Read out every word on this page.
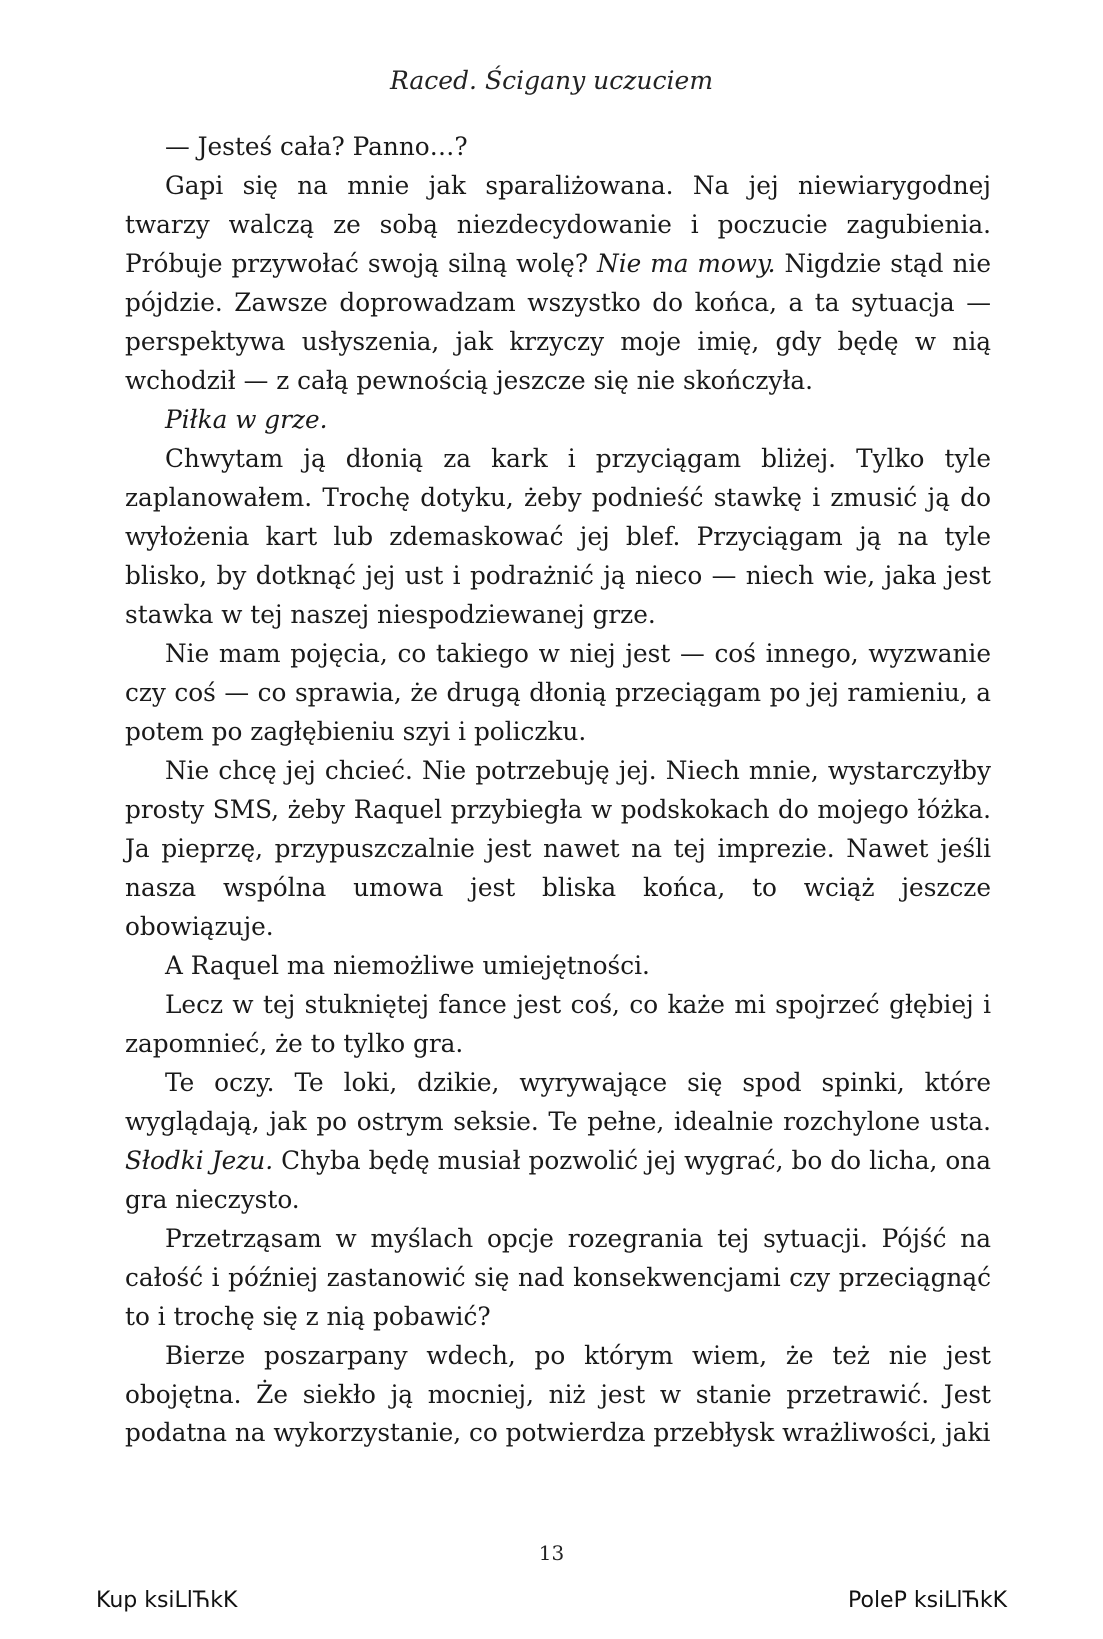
Raced. Ścigany uczuciem

— Jesteś cała? Panno…?

Gapi się na mnie jak sparaliżowana. Na jej niewiarygodnej twarzy walczą ze sobą niezdecydowanie i poczucie zagubienia. Próbuje przywołać swoją silną wolę? Nie ma mowy. Nigdzie stąd nie pójdzie. Zawsze doprowadzam wszystko do końca, a ta sytuacja — perspektywa usłyszenia, jak krzyczy moje imię, gdy będę w nią wchodził — z całą pewnością jeszcze się nie skończyła.

Piłka w grze.

Chwytam ją dłonią za kark i przyciągam bliżej. Tylko tyle zaplanowałem. Trochę dotyku, żeby podnieść stawkę i zmusić ją do wyłożenia kart lub zdemaskować jej blef. Przyciągam ją na tyle blisko, by dotknąć jej ust i podrażnić ją nieco — niech wie, jaka jest stawka w tej naszej niespodziewanej grze.

Nie mam pojęcia, co takiego w niej jest — coś innego, wyzwanie czy coś — co sprawia, że drugą dłonią przeciągam po jej ramieniu, a potem po zagłębieniu szyi i policzku.

Nie chcę jej chcieć. Nie potrzebuję jej. Niech mnie, wystarczyłby prosty SMS, żeby Raquel przybiegła w podskokach do mojego łóżka. Ja pieprzę, przypuszczalnie jest nawet na tej imprezie. Nawet jeśli nasza wspólna umowa jest bliska końca, to wciąż jeszcze obowiązuje.

A Raquel ma niemożliwe umiejętności.

Lecz w tej stukniętej fance jest coś, co każe mi spojrzeć głębiej i zapomnieć, że to tylko gra.

Te oczy. Te loki, dzikie, wyrywające się spod spinki, które wyglądają, jak po ostrym seksie. Te pełne, idealnie rozchylone usta. Słodki Jezu. Chyba będę musiał pozwolić jej wygrać, bo do licha, ona gra nieczysto.

Przetrząsam w myślach opcje rozegrania tej sytuacji. Pójść na całość i później zastanowić się nad konsekwencjami czy przeciągnąć to i trochę się z nią pobawić?

Bierze poszarpany wdech, po którym wiem, że też nie jest obojętna. Że siekło ją mocniej, niż jest w stanie przetrawić. Jest podatna na wykorzystanie, co potwierdza przebłysk wrażliwości, jaki

13
Kup ksiLlЋkK	PoleP ksiLlЋkK
